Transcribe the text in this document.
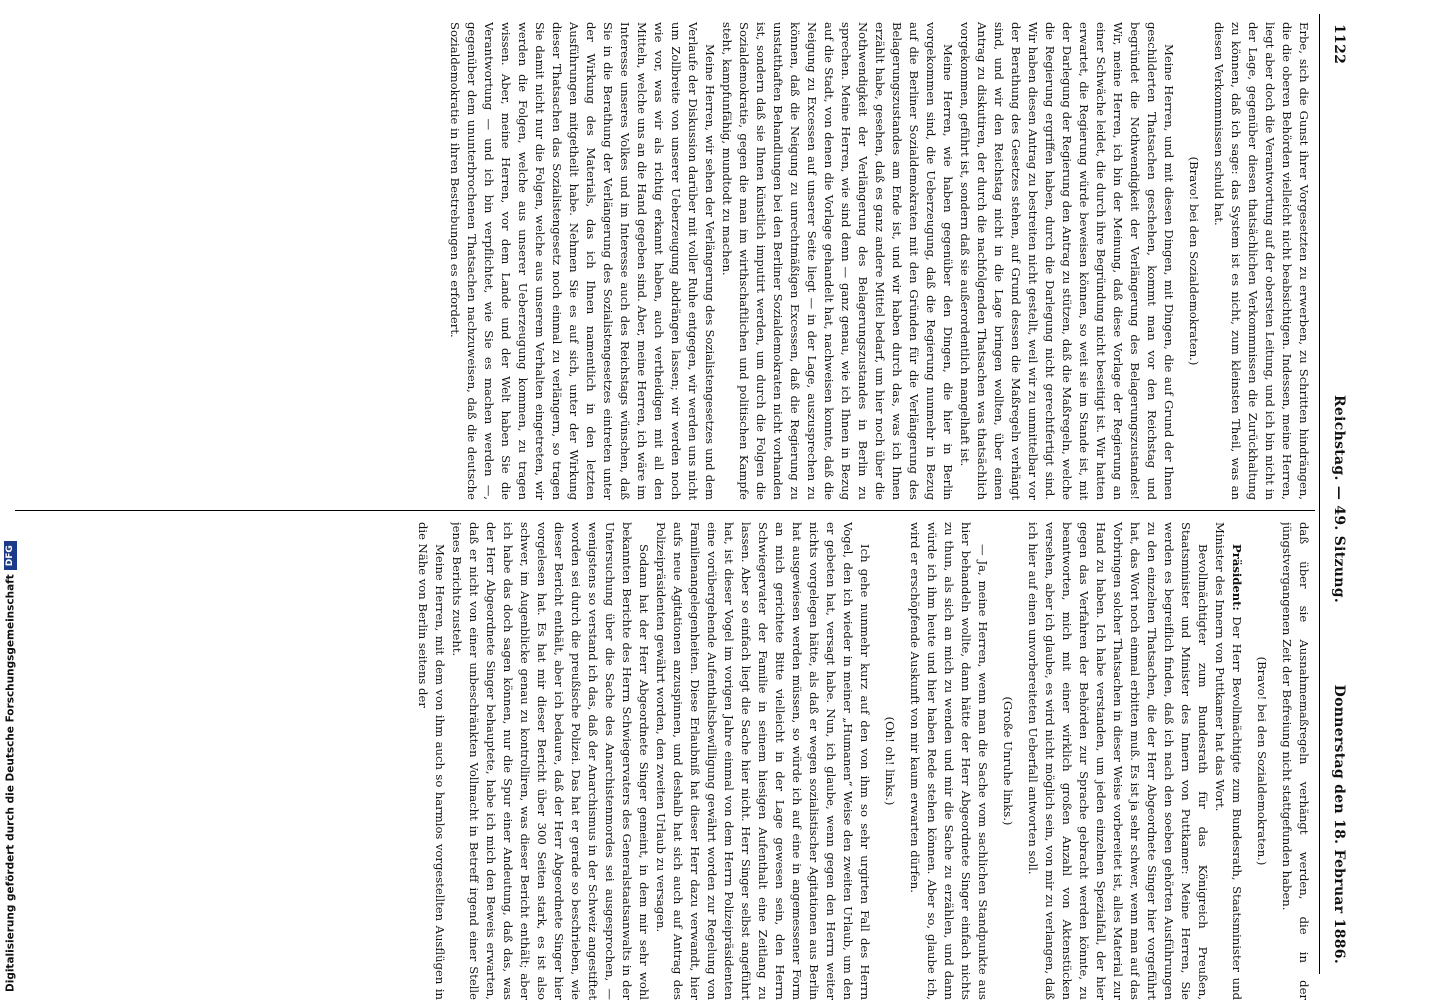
1122
Reichstag. — 49. Sitzung.
Donnerstag den 18. Februar 1886.

Erbe, sich die Gunst ihrer Vorgesetzten zu erwerben, zu Schritten hindrängen, die die oberen Behörden vielleicht nicht beabsichtigen. Indessen, meine Herren, liegt aber doch die Verantwortung auf der obersten Leitung, und ich bin nicht in der Lage, gegenüber diesen thatsächlichen Verkommnissen die Zurückhaltung zu können, daß ich sage: das System ist es nicht, zum kleinsten Theil, was an diesen Verkommnissen schuld hat.

(Bravo! bei den Sozialdemokraten.)

Meine Herren, und mit diesen Dingen, mit Dingen, die auf Grund der Ihnen geschilderten Thatsachen geschehen, kommt man vor den Reichstag und begründet die Nothwendigkeit der Verlängerung des Belagerungszustandes! Wir, meine Herren, ich bin der Meinung, daß diese Vorlage der Regierung an einer Schwäche leidet, die durch ihre Begründung nicht beseitigt ist. Wir hatten erwartet, die Regierung würde beweisen können, so weit sie im Stande ist, mit der Darlegung der Regierung den Antrag zu stützen, daß die Maßregeln, welche die Regierung ergriffen haben, durch die Darlegung nicht gerechtfertigt sind. Wir haben diesen Antrag zu bestreiten nicht gestellt, weil wir zu unmittelbar vor der Berathung des Gesetzes stehen, auf Grund dessen die Maßregeln verhängt sind, und wir den Reichstag nicht in die Lage bringen wollten, über einen Antrag zu diskutiren, der durch die nachfolgenden Thatsachen was thatsächlich vorgekommen, geführt ist, sondern daß sie außerordentlich mangelhaft ist.

Meine Herren, wie haben gegenüber den Dingen, die hier in Berlin vorgekommen sind, die Ueberzeugung, daß die Regierung nunmehr in Bezug auf die Berliner Sozialdemokraten mit den Gründen für die Verlängerung des Belagerungszustandes am Ende ist, und wir haben durch das, was ich Ihnen erzählt habe, gesehen, daß es ganz andere Mittel bedarf, um hier noch über die Nothwendigkeit der Verlängerung des Belagerungszustandes in Berlin zu sprechen. Meine Herren, wie sind denn — ganz genau, wie ich Ihnen in Bezug auf die Stadt, von denen die Vorlage gehandelt hat, nachweisen konnte, daß die Neigung zu Excessen auf unserer Seite liegt — in der Lage, auszusprechen zu können, daß die Neigung zu unrechtmäßigen Excessen, daß die Regierung zu unstatthaften Behandlungen bei den Berliner Sozialdemokraten nicht vorhanden ist, sondern daß sie Ihnen künstlich imputirt werden, um durch die Folgen die Sozialdemokratie, gegen die man im wirthschaftlichen und politischen Kampfe steht, kampfunfähig, mundtodt zu machen.

Meine Herren, wir sehen der Verlängerung des Sozialistengesetzes und dem Verlaufe der Diskussion darüber mit voller Ruhe entgegen, wir werden uns nicht um Zollbreite von unserer Ueberzeugung abdrängen lassen; wir werden noch wie vor, was wir als richtig erkannt haben, auch vertheidigen mit all den Mitteln, welche uns an die Hand gegeben sind. Aber, meine Herren, ich wäre im Interesse unseres Volkes und im Interesse auch des Reichstags wünschen, daß Sie in die Berathung der Verlängerung des Sozialistengesetzes eintreten unter der Wirkung des Materials, das ich Ihnen namentlich in den letzten Ausführungen mitgetheilt habe. Nehmen Sie es auf sich, unter der Wirkung dieser Thatsachen das Sozialistengesetz noch einmal zu verlängern, so tragen Sie damit nicht nur die Folgen, welche aus unserem Verhalten eingetreten, wir werden die Folgen, welche aus unserer Ueberzeugung kommen, zu tragen wissen. Aber, meine Herren, vor dem Lande und der Welt haben Sie die Verantwortung — und ich bin verpflichtet, wie Sie es machen werden —, gegenüber dem ununterbrochenen Thatsachen nachzuweisen, daß die deutsche Sozialdemokratie in ihren Bestrebungen es erfordert.

daß über sie Ausnahmemaßregeln verhängt werden, die in der jüngstvergangenen Zeit der Befreiung nicht stattgefunden haben.

(Bravo! bei den Sozialdemokraten.)

Präsident: Der Herr Bevollmächtigte zum Bundesrath, Staatsminister und Minister des Innern von Puttkamer hat das Wort.

Bevollmächtigter zum Bundesrath für das Königreich Preußen, Staatsminister und Minister des Innern von Puttkamer: Meine Herren, Sie werden es begreiflich finden, daß ich nach den soeben gehörten Ausführungen zu den einzelnen Thatsachen, die der Herr Abgeordnete Singer hier vorgeführt hat, das Wort noch einmal erbitten muß. Es ist ja sehr schwer, wenn man auf das Vorbringen solcher Thatsachen in dieser Weise vorbereitet ist, alles Material zur Hand zu haben. Ich habe verstanden, um jeden einzelnen Spezialfall, der hier gegen das Verfahren der Behörden zur Sprache gebracht werden könnte, zu beantworten, mich mit einer wirklich großen Anzahl von Aktenstücken versehen, aber ich glaube, es wird nicht möglich sein, von mir zu verlangen, daß ich hier auf einen unvorbereiteten Ueberfall antworten soll.

(Große Unruhe links.)

— Ja, meine Herren, wenn man die Sache vom sachlichen Standpunkte aus hier behandeln wollte, dann hätte der Herr Abgeordnete Singer einfach nichts zu thun, als sich an mich zu wenden und mir die Sache zu erzählen, und dann würde ich ihm heute und hier haben Rede stehen können. Aber so, glaube ich, wird er erschöpfende Auskunft von mir kaum erwarten dürfen.

(Oh! oh! links.)

Ich gehe nunmehr kurz auf den von ihm so sehr urgirten Fall des Herrn Vogel, den ich wieder in meiner „Humanen“ Weise den zweiten Urlaub, um den er gebeten hat, versagt habe. Nun, ich glaube, wenn gegen den Herrn weiter nichts vorgelegen hätte, als daß er wegen sozialistischer Agitationen aus Berlin hat ausgewiesen werden müssen, so würde ich auf eine in angemessener Form an mich gerichtete Bitte vielleicht in der Lage gewesen sein, den Herrn Schwiegervater der Familie in seinem hiesigen Aufenthalt eine Zeitlang zu lassen. Aber so einfach liegt die Sache hier nicht. Herr Singer selbst angeführt hat, ist dieser Vogel im vorigen Jahre einmal von dem Herrn Polizeipräsidenten eine vorübergehende Aufenthaltsbewilligung gewährt worden zur Regelung von Familienangelegenheiten. Diese Erlaubniß hat dieser Herr dazu verwandt, hier aufs neue Agitationen anzuspinnen, und deshalb hat sich auch auf Antrag des Polizeipräsidenten gewährt worden, den zweiten Urlaub zu versagen.

Sodann hat der Herr Abgeordnete Singer gemeint, in dem mir sehr wohl bekannten Berichte des Herrn Schwiegervaters des Generalstaatsanwalts in der Untersuchung über die Sache des Anarchistenmordes sei ausgesprochen, — wenigstens so verstand ich das, daß der Anarchismus in der Schweiz angestiftet worden sei durch die preußische Polizei. Das hat er gerade so beschrieben, wie dieser Bericht enthält, aber ich bedaure, daß der Herr Abgeordnete Singer hier vorgelesen hat. Es hat mir dieser Bericht über 300 Seiten stark, es ist also schwer, im Augenblicke genau zu kontrolliren, was dieser Bericht enthält; aber ich habe das doch sagen können, nur die Spur einer Andeutung, daß das, was der Herr Abgeordnete Singer behauptete, habe ich mich den Beweis erwarten, daß er nicht von einer unbeschränkten Vollmacht in Betreff irgend einer Stelle jenes Berichts zusteht.

Meine Herren, mit dem von ihm auch so harmlos vorgestellten Ausflügen in die Nähe von Berlin seitens der

Digitalisierung gefördert durch die Deutsche ForschungsgemeinschaftDFG
